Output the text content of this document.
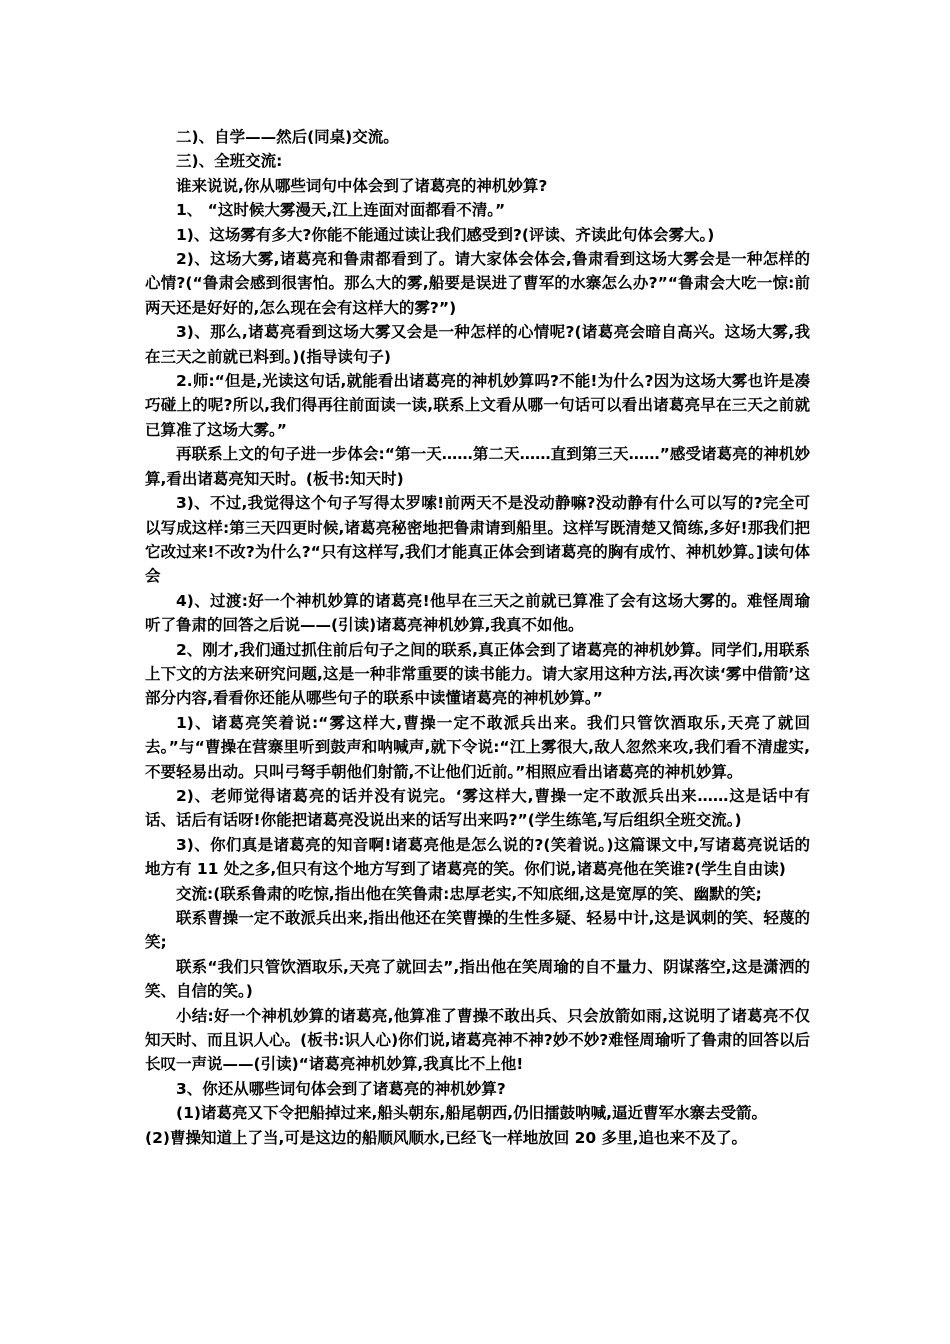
二)、自学——然后(同桌)交流。

三)、全班交流:

谁来说说,你从哪些词句中体会到了诸葛亮的神机妙算?

1、 “这时候大雾漫天,江上连面对面都看不清。”

1)、这场雾有多大?你能不能通过读让我们感受到?(评读、齐读此句体会雾大。)

2)、这场大雾,诸葛亮和鲁肃都看到了。请大家体会体会,鲁肃看到这场大雾会是一种怎样的心情?(“鲁肃会感到很害怕。那么大的雾,船要是误进了曹军的水寨怎么办?”“鲁肃会大吃一惊:前两天还是好好的,怎么现在会有这样大的雾?”)

3)、那么,诸葛亮看到这场大雾又会是一种怎样的心情呢?(诸葛亮会暗自高兴。这场大雾,我在三天之前就已料到。)(指导读句子)

2.师:“但是,光读这句话,就能看出诸葛亮的神机妙算吗?不能!为什么?因为这场大雾也许是凑巧碰上的呢?所以,我们得再往前面读一读,联系上文看从哪一句话可以看出诸葛亮早在三天之前就已算准了这场大雾。”

再联系上文的句子进一步体会:“第一天……第二天……直到第三天……”感受诸葛亮的神机妙算,看出诸葛亮知天时。(板书:知天时)

3)、不过,我觉得这个句子写得太罗嗦!前两天不是没动静嘛?没动静有什么可以写的?完全可以写成这样:第三天四更时候,诸葛亮秘密地把鲁肃请到船里。这样写既清楚又简练,多好!那我们把它改过来!不改?为什么?“只有这样写,我们才能真正体会到诸葛亮的胸有成竹、神机妙算。]读句体会

4)、过渡:好一个神机妙算的诸葛亮!他早在三天之前就已算准了会有这场大雾的。难怪周瑜听了鲁肃的回答之后说——(引读)诸葛亮神机妙算,我真不如他。

2、刚才,我们通过抓住前后句子之间的联系,真正体会到了诸葛亮的神机妙算。同学们,用联系上下文的方法来研究问题,这是一种非常重要的读书能力。请大家用这种方法,再次读‘雾中借箭’这部分内容,看看你还能从哪些句子的联系中读懂诸葛亮的神机妙算。”

1)、诸葛亮笑着说:“雾这样大,曹操一定不敢派兵出来。我们只管饮酒取乐,天亮了就回去。”与“曹操在营寨里听到鼓声和呐喊声,就下令说:“江上雾很大,敌人忽然来攻,我们看不清虚实,不要轻易出动。只叫弓弩手朝他们射箭,不让他们近前。”相照应看出诸葛亮的神机妙算。

2)、老师觉得诸葛亮的话并没有说完。‘雾这样大,曹操一定不敢派兵出来……这是话中有话、话后有话呀!你能把诸葛亮没说出来的话写出来吗?”(学生练笔,写后组织全班交流。)

3)、你们真是诸葛亮的知音啊!诸葛亮他是怎么说的?(笑着说。)这篇课文中,写诸葛亮说话的地方有 11 处之多,但只有这个地方写到了诸葛亮的笑。你们说,诸葛亮他在笑谁?(学生自由读)

交流:(联系鲁肃的吃惊,指出他在笑鲁肃:忠厚老实,不知底细,这是宽厚的笑、幽默的笑;

联系曹操一定不敢派兵出来,指出他还在笑曹操的生性多疑、轻易中计,这是讽刺的笑、轻蔑的笑;

联系“我们只管饮酒取乐,天亮了就回去”,指出他在笑周瑜的自不量力、阴谋落空,这是潇洒的笑、自信的笑。)

小结:好一个神机妙算的诸葛亮,他算准了曹操不敢出兵、只会放箭如雨,这说明了诸葛亮不仅知天时、而且识人心。(板书:识人心)你们说,诸葛亮神不神?妙不妙?难怪周瑜听了鲁肃的回答以后长叹一声说——(引读)“诸葛亮神机妙算,我真比不上他!

3、你还从哪些词句体会到了诸葛亮的神机妙算?

(1)诸葛亮又下令把船掉过来,船头朝东,船尾朝西,仍旧擂鼓呐喊,逼近曹军水寨去受箭。

(2)曹操知道上了当,可是这边的船顺风顺水,已经飞一样地放回 20 多里,追也来不及了。
